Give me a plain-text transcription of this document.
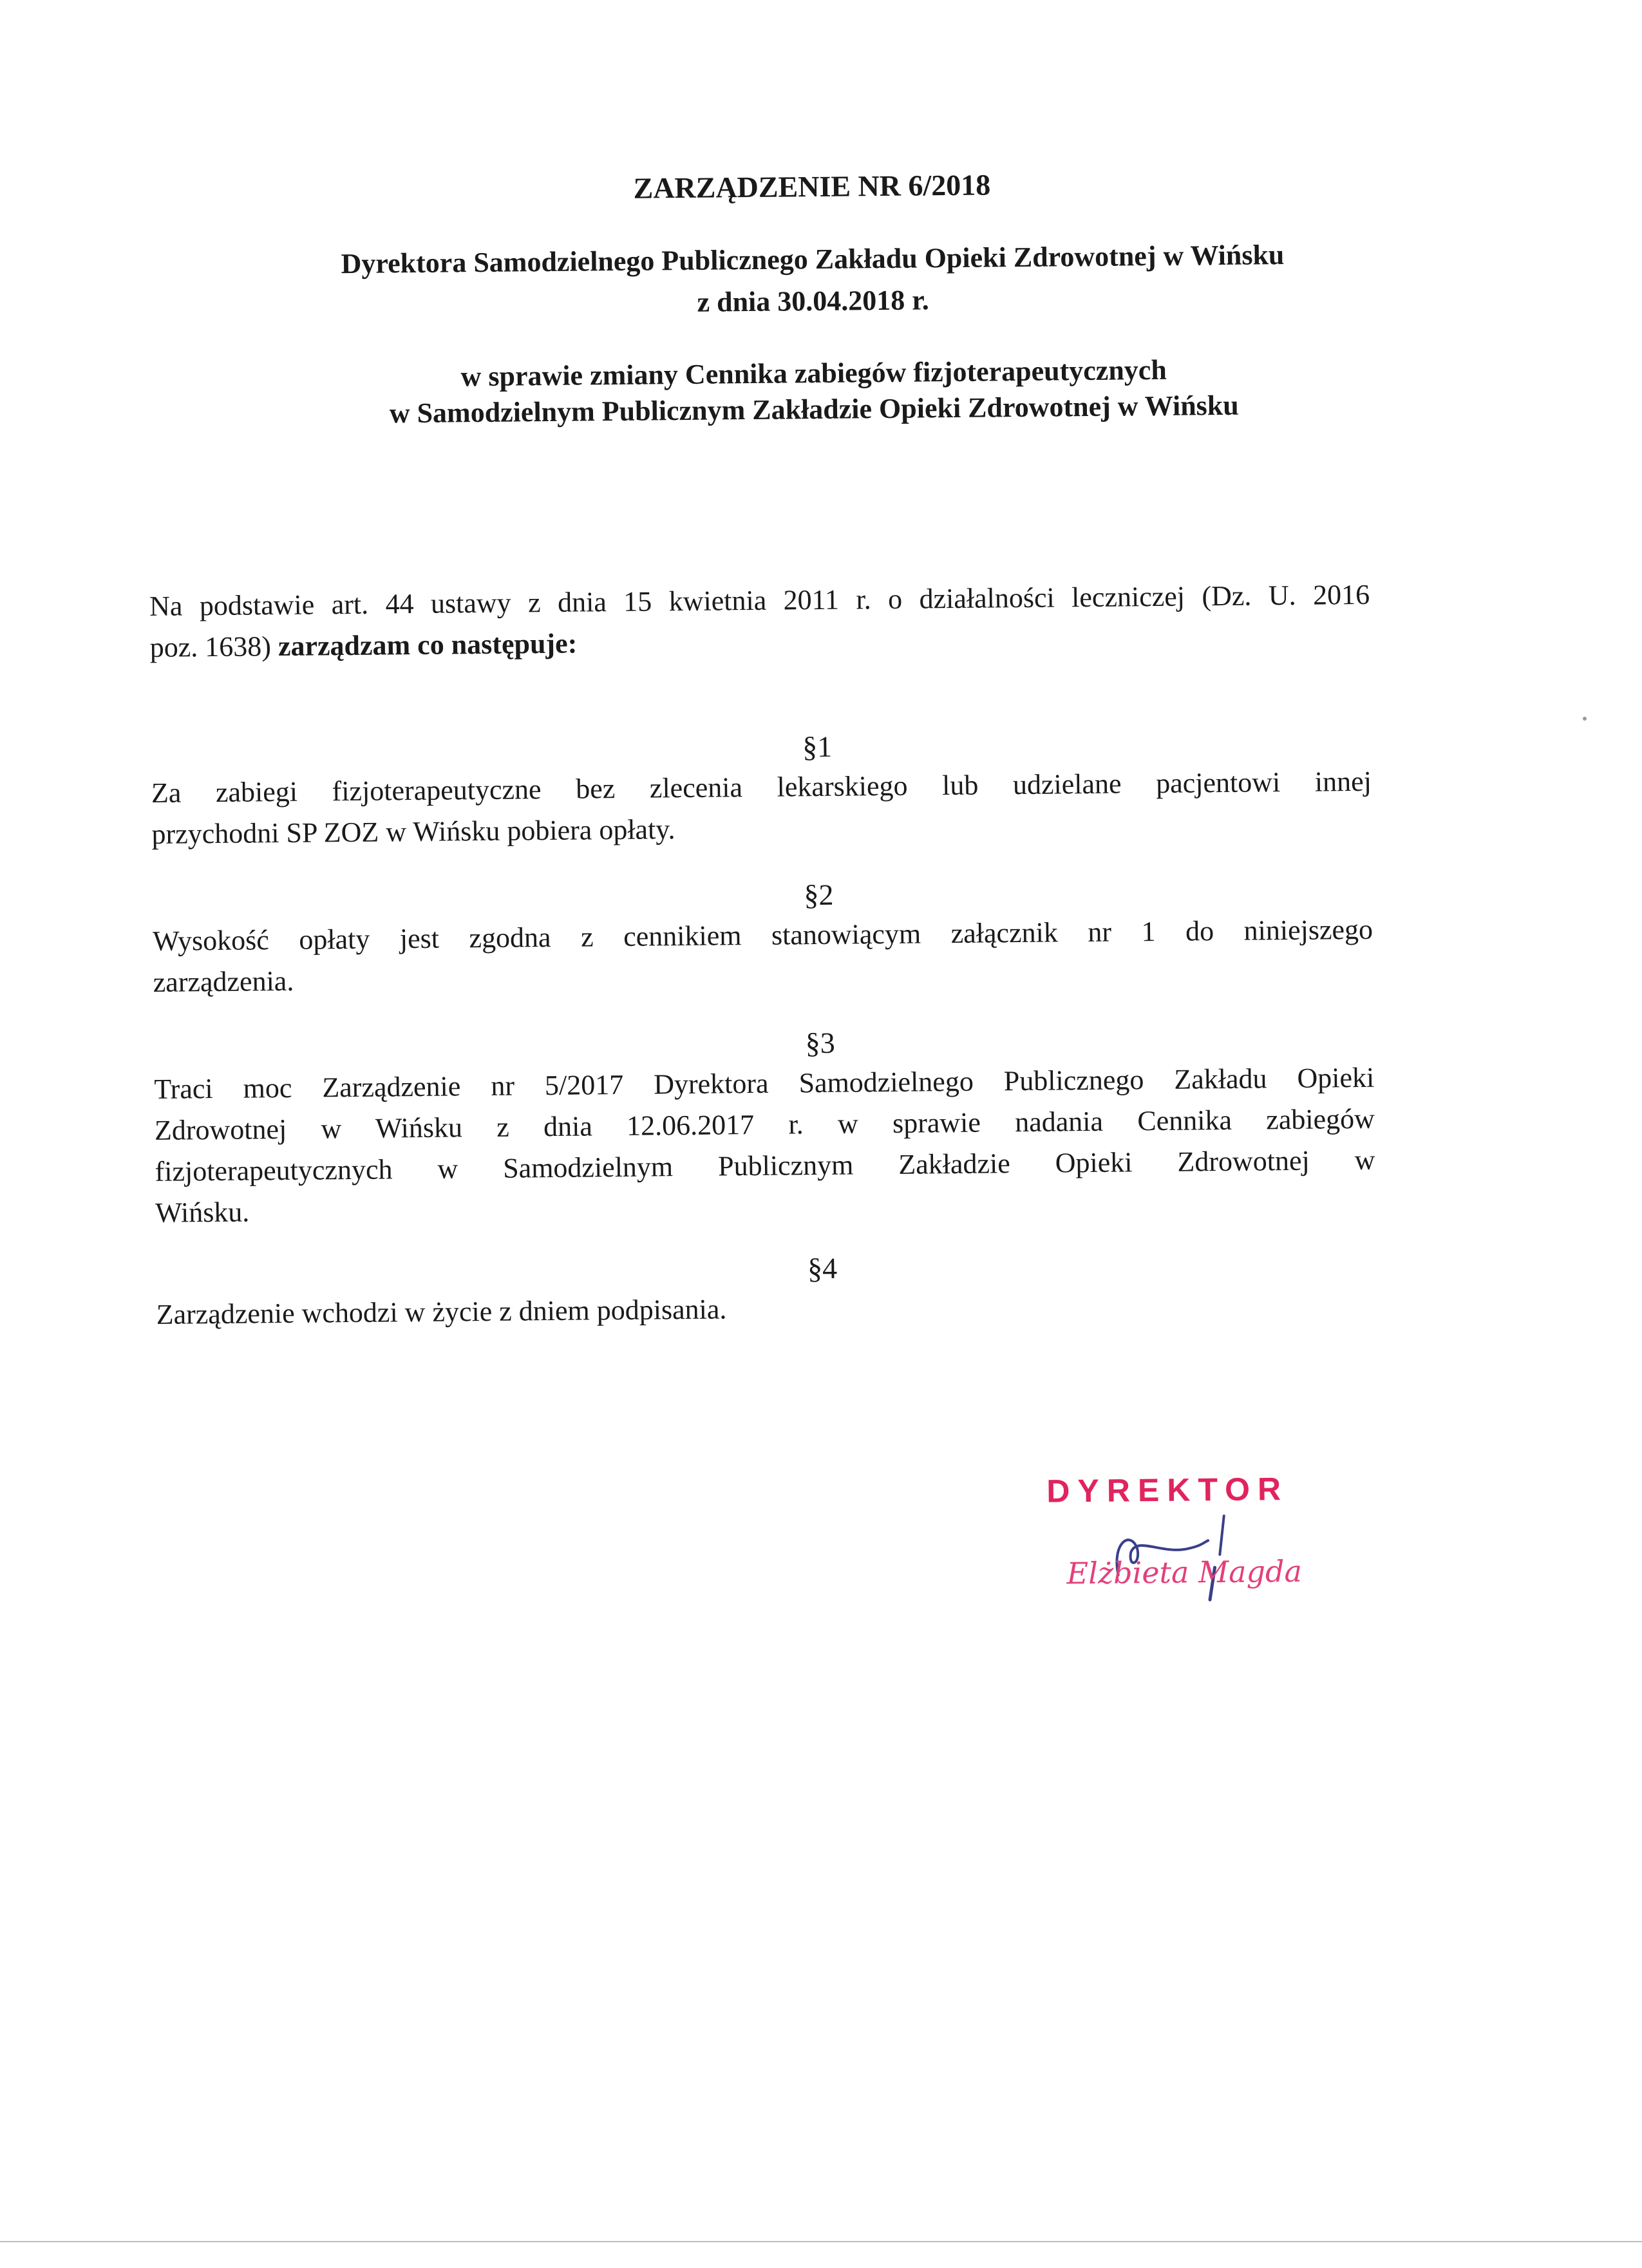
ZARZĄDZENIE NR 6/2018
Dyrektora Samodzielnego Publicznego Zakładu Opieki Zdrowotnej w Wińsku
z dnia 30.04.2018 r.
w sprawie zmiany Cennika zabiegów fizjoterapeutycznych
w Samodzielnym Publicznym Zakładzie Opieki Zdrowotnej w Wińsku
Na podstawie art. 44 ustawy z dnia 15 kwietnia 2011 r. o działalności leczniczej (Dz. U. 2016
poz. 1638) zarządzam co następuje:
§1
Za zabiegi fizjoterapeutyczne bez zlecenia lekarskiego lub udzielane pacjentowi innej
przychodni SP ZOZ w Wińsku pobiera opłaty.
§2
Wysokość opłaty jest zgodna z cennikiem stanowiącym załącznik nr 1 do niniejszego
zarządzenia.
§3
Traci moc Zarządzenie nr 5/2017 Dyrektora Samodzielnego Publicznego Zakładu Opieki
Zdrowotnej w Wińsku z dnia 12.06.2017 r. w sprawie nadania Cennika zabiegów
fizjoterapeutycznych w Samodzielnym Publicznym Zakładzie Opieki Zdrowotnej w
Wińsku.
§4
Zarządzenie wchodzi w życie z dniem podpisania.
DYREKTOR
Elżbieta Magda
